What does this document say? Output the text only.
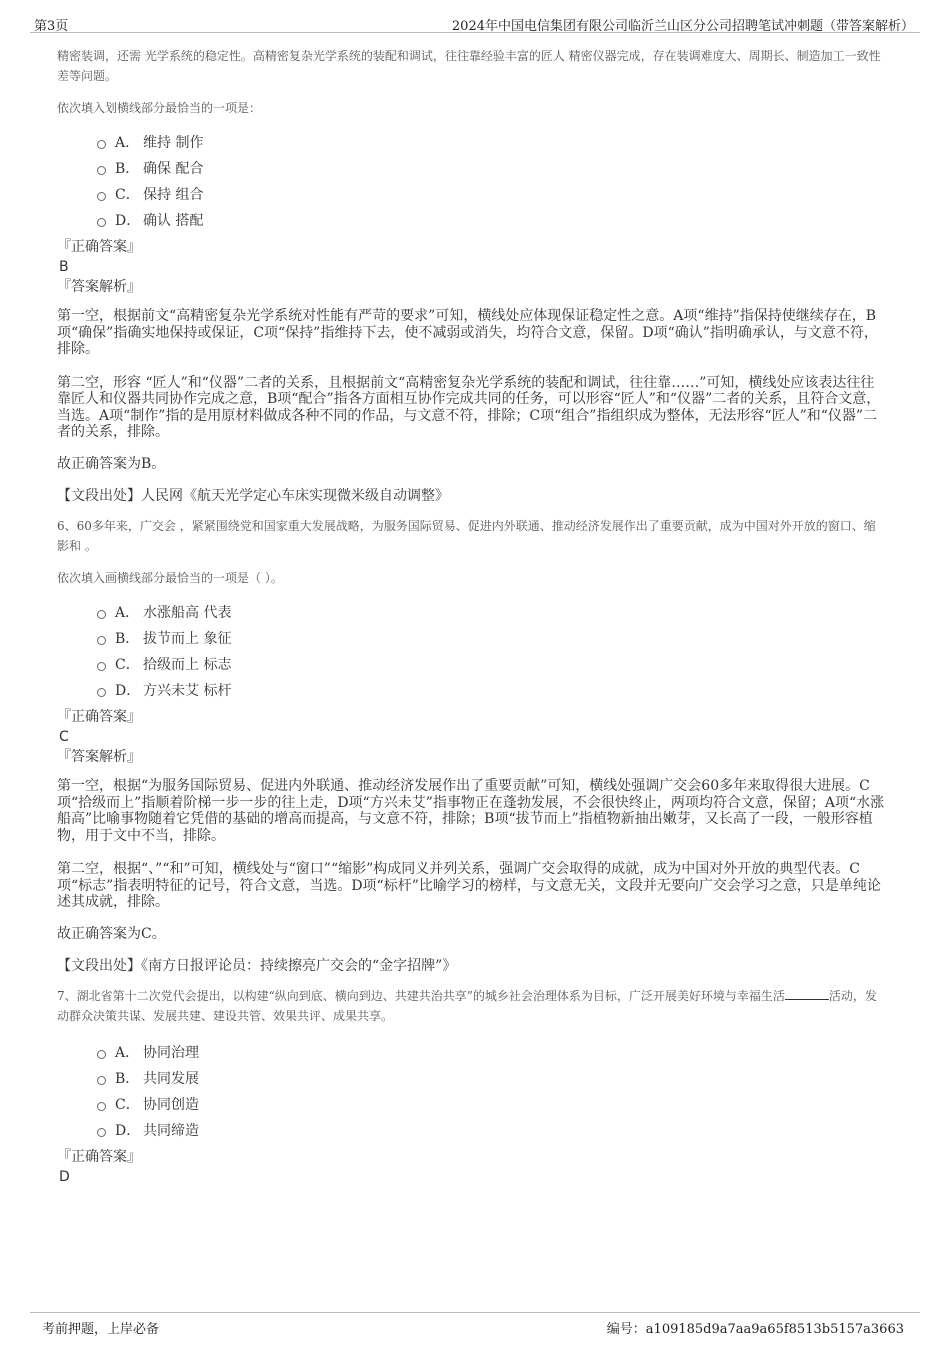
第3页	2024年中国电信集团有限公司临沂兰山区分公司招聘笔试冲刺题（带答案解析）

精密装调，还需 光学系统的稳定性。高精密复杂光学系统的装配和调试，往往靠经验丰富的匠人 精密仪器完成，存在装调难度大、周期长、制造加工一致性差等问题。

依次填入划横线部分最恰当的一项是：

A． 维持 制作
B． 确保 配合
C． 保持 组合
D． 确认 搭配

『正确答案』

B

『答案解析』

第一空，根据前文“高精密复杂光学系统对性能有严苛的要求”可知，横线处应体现保证稳定性之意。A项“维持”指保持使继续存在，B项“确保”指确实地保持或保证，C项“保持”指维持下去，使不减弱或消失，均符合文意，保留。D项“确认”指明确承认，与文意不符，排除。

第二空，形容 “匠人”和“仪器”二者的关系，且根据前文“高精密复杂光学系统的装配和调试，往往靠……”可知，横线处应该表达往往靠匠人和仪器共同协作完成之意，B项“配合”指各方面相互协作完成共同的任务，可以形容“匠人”和“仪器”二者的关系，且符合文意， 当选。A项“制作”指的是用原材料做成各种不同的作品，与文意不符，排除；C项“组合”指组织成为整体，无法形容“匠人”和“仪器”二者的关系，排除。

故正确答案为B。

【文段出处】人民网《航天光学定心车床实现微米级自动调整》

6、60多年来，广交会 ，紧紧围绕党和国家重大发展战略，为服务国际贸易、促进内外联通、推动经济发展作出了重要贡献，成为中国对外开放的窗口、缩影和 。

依次填入画横线部分最恰当的一项是（ ）。

A． 水涨船高 代表
B． 拔节而上 象征
C． 拾级而上 标志
D． 方兴未艾 标杆

『正确答案』

C

『答案解析』

第一空，根据“为服务国际贸易、促进内外联通、推动经济发展作出了重要贡献”可知，横线处强调广交会60多年来取得很大进展。C项“拾级而上”指顺着阶梯一步一步的往上走，D项“方兴未艾”指事物正在蓬勃发展，不会很快终止，两项均符合文意，保留；A项“水涨船高”比喻事物随着它凭借的基础的增高而提高，与文意不符，排除；B项“拔节而上”指植物新抽出嫩芽，又长高了一段，一般形容植物，用于文中不当，排除。

第二空，根据“、”“和”可知，横线处与“窗口”“缩影”构成同义并列关系，强调广交会取得的成就，成为中国对外开放的典型代表。C项“标志”指表明特征的记号，符合文意，当选。D项“标杆”比喻学习的榜样，与文意无关，文段并无要向广交会学习之意，只是单纯论述其成就，排除。

故正确答案为C。

【文段出处】《南方日报评论员：持续擦亮广交会的“金字招牌”》

7、湖北省第十二次党代会提出，以构建“纵向到底、横向到边、共建共治共享”的城乡社会治理体系为目标，广泛开展美好环境与幸福生活	活动，发动群众决策共谋、发展共建、建设共管、效果共评、成果共享。

A． 协同治理
B． 共同发展
C． 协同创造
D． 共同缔造

『正确答案』

D

考前押题，上岸必备	编号：a109185d9a7aa9a65f8513b5157a3663
